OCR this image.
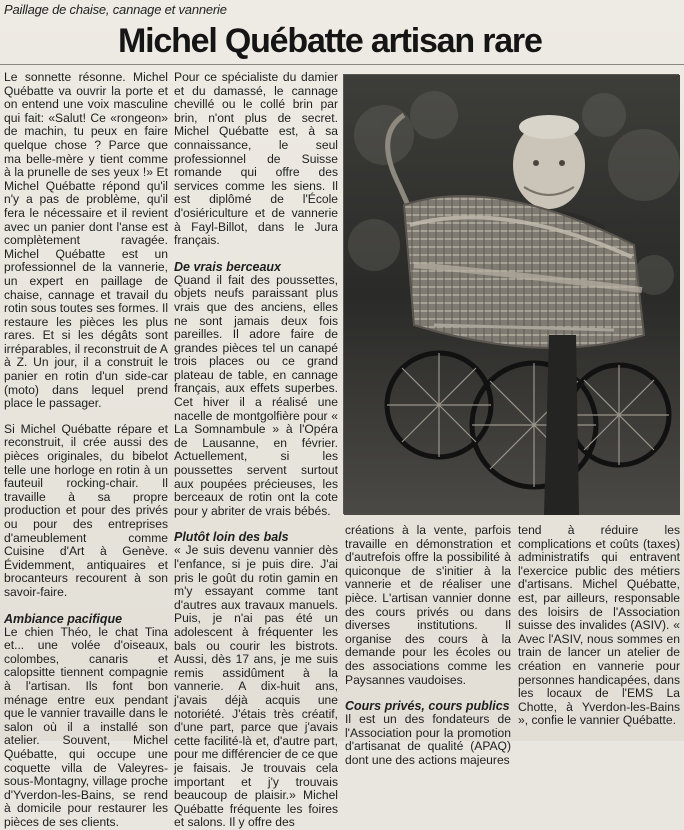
Paillage de chaise, cannage et vannerie
Michel Québatte artisan rare

Le sonnette résonne. Michel Québatte va ouvrir la porte et on entend une voix masculine qui fait: «Salut! Ce «rongeon» de machin, tu peux en faire quelque chose ? Parce que ma belle-mère y tient comme à la prunelle de ses yeux !» Et Michel Québatte répond qu'il n'y a pas de problème, qu'il fera le nécessaire et il revient avec un panier dont l'anse est complètement ravagée. Michel Québatte est un professionnel de la vannerie, un expert en paillage de chaise, cannage et travail du rotin sous toutes ses formes. Il restaure les pièces les plus rares. Et si les dégâts sont irréparables, il reconstruit de A à Z. Un jour, il a construit le panier en rotin d'un side-car (moto) dans lequel prend place le passager.

Si Michel Québatte répare et reconstruit, il crée aussi des pièces originales, du bibelot telle une horloge en rotin à un fauteuil rocking-chair. Il travaille à sa propre production et pour des privés ou pour des entreprises d'ameublement comme Cuisine d'Art à Genève. Évidemment, antiquaires et brocanteurs recourent à son savoir-faire.

Ambiance pacifique

Le chien Théo, le chat Tina et... une volée d'oiseaux, colombes, canaris et calopsitte tiennent compagnie à l'artisan. Ils font bon ménage entre eux pendant que le vannier travaille dans le salon où il a installé son atelier. Souvent, Michel Québatte, qui occupe une coquette villa de Valeyres-sous-Montagny, village proche d'Yverdon-les-Bains, se rend à domicile pour restaurer les pièces de ses clients.

Pour ce spécialiste du damier et du damassé, le cannage chevillé ou le collé brin par brin, n'ont plus de secret. Michel Québatte est, à sa connaissance, le seul professionnel de Suisse romande qui offre des services comme les siens. Il est diplômé de l'École d'osiériculture et de vannerie à Fayl-Billot, dans le Jura français.

De vrais berceaux

Quand il fait des poussettes, objets neufs paraissant plus vrais que des anciens, elles ne sont jamais deux fois pareilles. Il adore faire de grandes pièces tel un canapé trois places ou ce grand plateau de table, en cannage français, aux effets superbes. Cet hiver il a réalisé une nacelle de montgolfière pour « La Somnambule » à l'Opéra de Lausanne, en février. Actuellement, si les poussettes servent surtout aux poupées précieuses, les berceaux de rotin ont la cote pour y abriter de vrais bébés.

Plutôt loin des bals

« Je suis devenu vannier dès l'enfance, si je puis dire. J'ai pris le goût du rotin gamin en m'y essayant comme tant d'autres aux travaux manuels. Puis, je n'ai pas été un adolescent à fréquenter les bals ou courir les bistrots. Aussi, dès 17 ans, je me suis remis assidûment à la vannerie. A dix-huit ans, j'avais déjà acquis une notoriété. J'étais très créatif, d'une part, parce que j'avais cette facilité-là et, d'autre part, pour me différencier de ce que je faisais. Je trouvais cela important et j'y trouvais beaucoup de plaisir.» Michel Québatte fréquente les foires et salons. Il y offre des

créations à la vente, parfois travaille en démonstration et d'autrefois offre la possibilité à quiconque de s'initier à la vannerie et de réaliser une pièce. L'artisan vannier donne des cours privés ou dans diverses institutions. Il organise des cours à la demande pour les écoles ou des associations comme les Paysannes vaudoises.

Cours privés, cours publics

Il est un des fondateurs de l'Association pour la promotion d'artisanat de qualité (APAQ) dont une des actions majeures

tend à réduire les complications et coûts (taxes) administratifs qui entravent l'exercice public des métiers d'artisans. Michel Québatte, est, par ailleurs, responsable des loisirs de l'Association suisse des invalides (ASIV). « Avec l'ASIV, nous sommes en train de lancer un atelier de création en vannerie pour personnes handicapées, dans les locaux de l'EMS La Chotte, à Yverdon-les-Bains », confie le vannier Québatte.
